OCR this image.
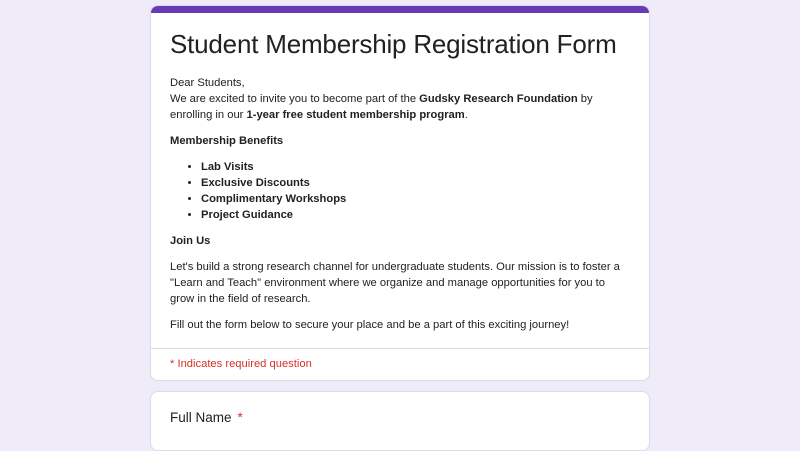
Student Membership Registration Form

Dear Students,
We are excited to invite you to become part of the Gudsky Research Foundation by enrolling in our 1-year free student membership program.

Membership Benefits

• Lab Visits
• Exclusive Discounts
• Complimentary Workshops
• Project Guidance

Join Us

Let's build a strong research channel for undergraduate students. Our mission is to foster a "Learn and Teach" environment where we organize and manage opportunities for you to grow in the field of research.

Fill out the form below to secure your place and be a part of this exciting journey!

* Indicates required question
Full Name *
